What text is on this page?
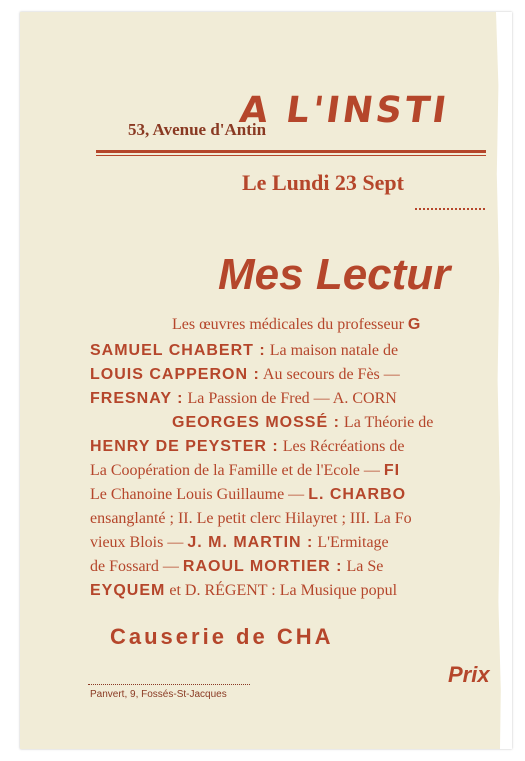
A L'INSTI
53, Avenue d'Antin
Le Lundi 23 Sept
Mes Lectur
Les œuvres médicales du professeur G
SAMUEL CHABERT : La maison natale de
LOUIS CAPPERON : Au secours de Fès —
FRESNAY : La Passion de Fred — A. CORN
GEORGES MOSSÉ : La Théorie de
HENRY DE PEYSTER : Les Récréations de
La Coopération de la Famille et de l'Ecole — FI
Le Chanoine Louis Guillaume — L. CHARBO
ensanglanté ; II. Le petit clerc Hilayret ; III. La Fo
vieux Blois — J. M. MARTIN : L'Ermitage
de Fossard — RAOUL MORTIER : La Se
EYQUEM et D. RÉGENT : La Musique popul
Causerie de CHA
Prix
Panvert, 9, Fossés-St-Jacques
